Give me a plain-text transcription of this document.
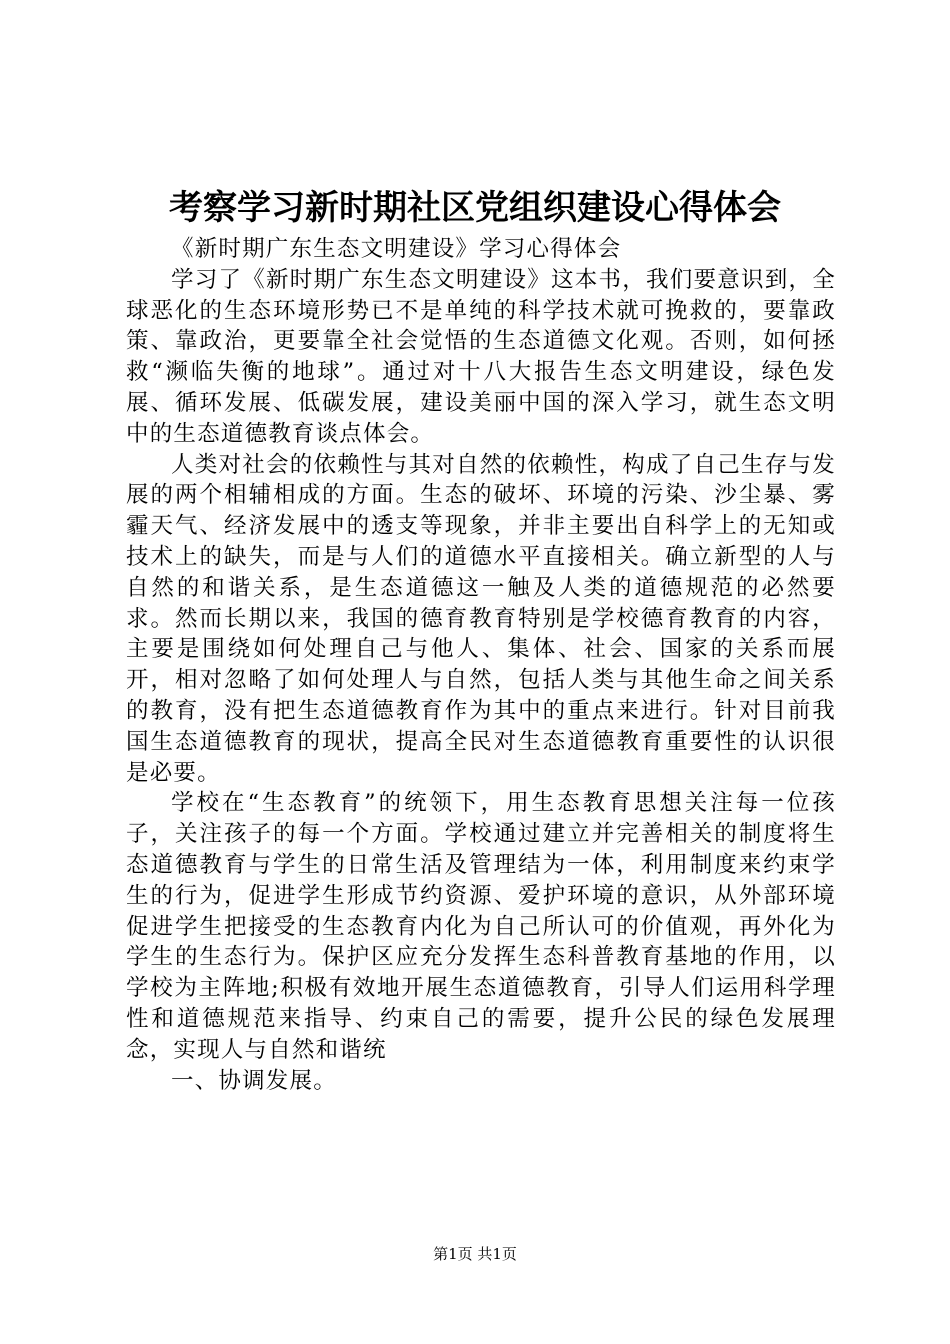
考察学习新时期社区党组织建设心得体会

《新时期广东生态文明建设》学习心得体会

学习了《新时期广东生态文明建设》这本书，我们要意识到，全球恶化的生态环境形势已不是单纯的科学技术就可挽救的，要靠政策、靠政治，更要靠全社会觉悟的生态道德文化观。否则，如何拯救“濒临失衡的地球”。通过对十八大报告生态文明建设，绿色发展、循环发展、低碳发展，建设美丽中国的深入学习，就生态文明中的生态道德教育谈点体会。

人类对社会的依赖性与其对自然的依赖性，构成了自己生存与发展的两个相辅相成的方面。生态的破坏、环境的污染、沙尘暴、雾霾天气、经济发展中的透支等现象，并非主要出自科学上的无知或技术上的缺失，而是与人们的道德水平直接相关。确立新型的人与自然的和谐关系，是生态道德这一触及人类的道德规范的必然要求。然而长期以来，我国的德育教育特别是学校德育教育的内容，主要是围绕如何处理自己与他人、集体、社会、国家的关系而展开，相对忽略了如何处理人与自然，包括人类与其他生命之间关系的教育，没有把生态道德教育作为其中的重点来进行。针对目前我国生态道德教育的现状，提高全民对生态道德教育重要性的认识很是必要。

学校在“生态教育”的统领下，用生态教育思想关注每一位孩子，关注孩子的每一个方面。学校通过建立并完善相关的制度将生态道德教育与学生的日常生活及管理结为一体，利用制度来约束学生的行为，促进学生形成节约资源、爱护环境的意识，从外部环境促进学生把接受的生态教育内化为自己所认可的价值观，再外化为学生的生态行为。保护区应充分发挥生态科普教育基地的作用，以学校为主阵地;积极有效地开展生态道德教育，引导人们运用科学理性和道德规范来指导、约束自己的需要，提升公民的绿色发展理念，实现人与自然和谐统

一、协调发展。

第1页 共1页
